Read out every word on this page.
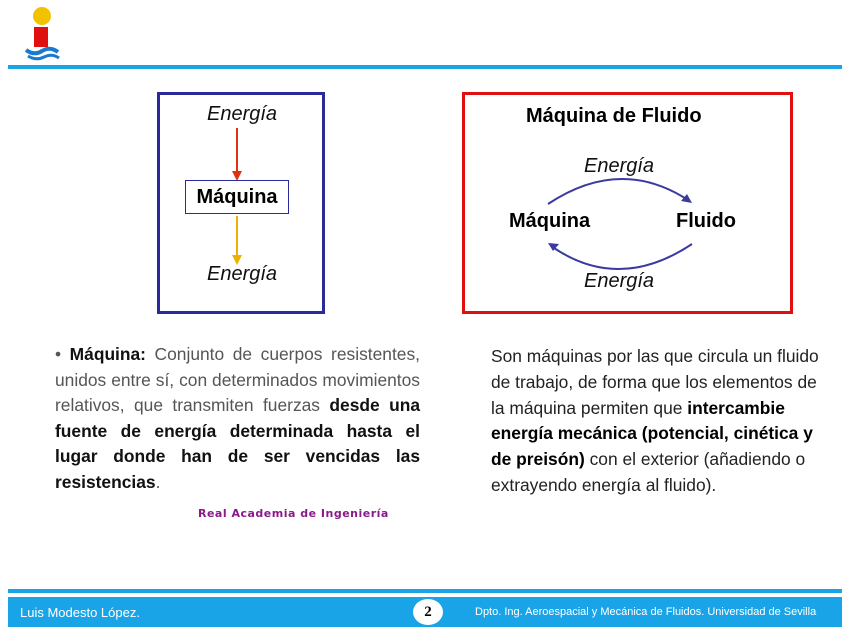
Energía
Máquina
Energía
Máquina de Fluido
Energía
Máquina	Fluido
Energía
• Máquina: Conjunto de cuerpos resistentes, unidos entre sí, con determinados movimientos relativos, que transmiten fuerzas desde una fuente de energía determinada hasta el lugar donde han de ser vencidas las resistencias.
Real Academia de Ingeniería
Son máquinas por las que circula un fluido de trabajo, de forma que los elementos de la máquina permiten que intercambie energía mecánica (potencial, cinética y de preisón) con el exterior (añadiendo o extrayendo energía al fluido).
Luis Modesto López.	2	Dpto. Ing. Aeroespacial y Mecánica de Fluidos. Universidad de Sevilla
